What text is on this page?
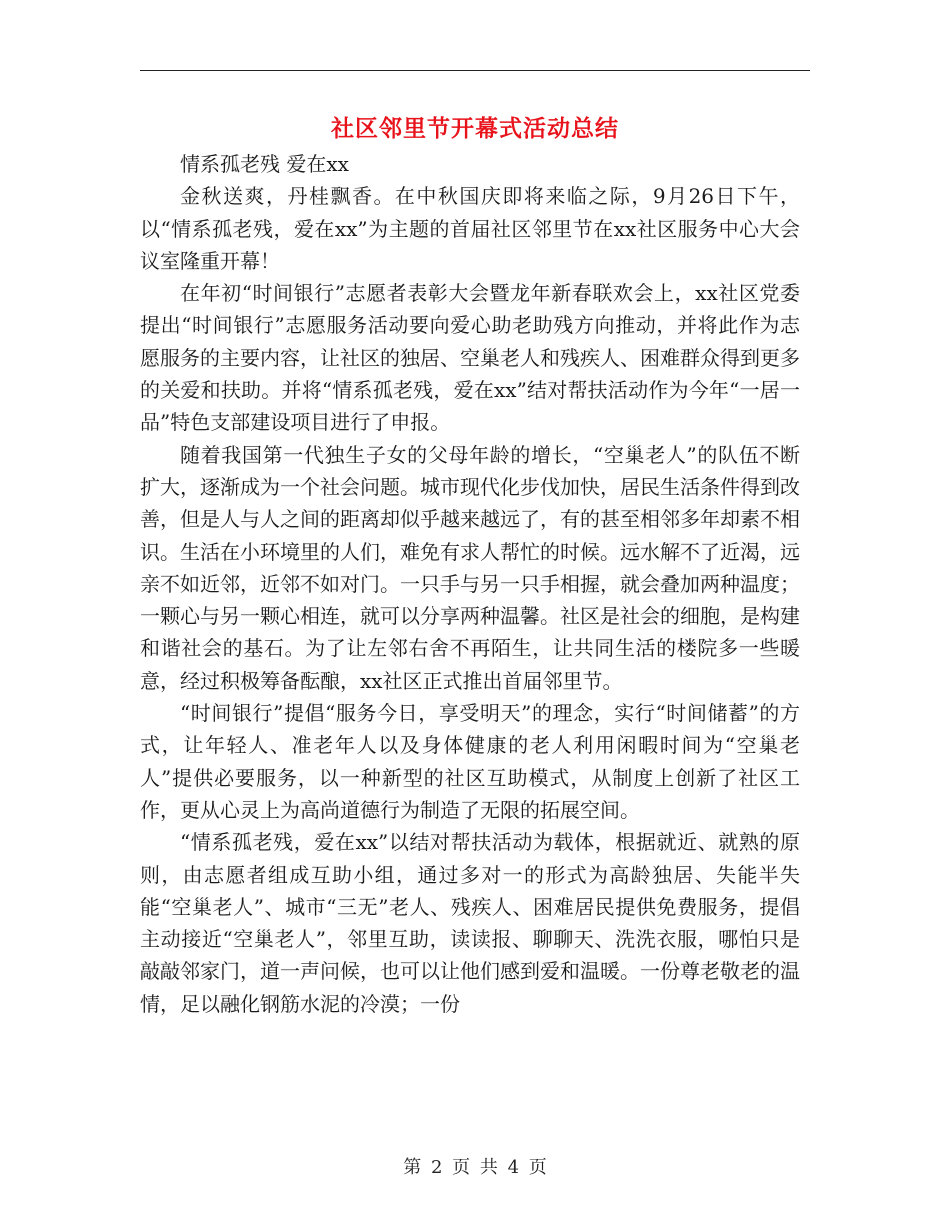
社区邻里节开幕式活动总结

情系孤老残 爱在xx

金秋送爽，丹桂飘香。在中秋国庆即将来临之际，9月26日下午，以“情系孤老残，爱在xx”为主题的首届社区邻里节在xx社区服务中心大会议室隆重开幕！

在年初“时间银行”志愿者表彰大会暨龙年新春联欢会上，xx社区党委提出“时间银行”志愿服务活动要向爱心助老助残方向推动，并将此作为志愿服务的主要内容，让社区的独居、空巢老人和残疾人、困难群众得到更多的关爱和扶助。并将“情系孤老残，爱在xx”结对帮扶活动作为今年“一居一品”特色支部建设项目进行了申报。

随着我国第一代独生子女的父母年龄的增长，“空巢老人”的队伍不断扩大，逐渐成为一个社会问题。城市现代化步伐加快，居民生活条件得到改善，但是人与人之间的距离却似乎越来越远了，有的甚至相邻多年却素不相识。生活在小环境里的人们，难免有求人帮忙的时候。远水解不了近渴，远亲不如近邻，近邻不如对门。一只手与另一只手相握，就会叠加两种温度；一颗心与另一颗心相连，就可以分享两种温馨。社区是社会的细胞，是构建和谐社会的基石。为了让左邻右舍不再陌生，让共同生活的楼院多一些暖意，经过积极筹备酝酿，xx社区正式推出首届邻里节。

“时间银行”提倡“服务今日，享受明天”的理念，实行“时间储蓄”的方式，让年轻人、准老年人以及身体健康的老人利用闲暇时间为“空巢老人”提供必要服务，以一种新型的社区互助模式，从制度上创新了社区工作，更从心灵上为高尚道德行为制造了无限的拓展空间。

“情系孤老残，爱在xx”以结对帮扶活动为载体，根据就近、就熟的原则，由志愿者组成互助小组，通过多对一的形式为高龄独居、失能半失能“空巢老人”、城市“三无”老人、残疾人、困难居民提供免费服务，提倡主动接近“空巢老人”，邻里互助，读读报、聊聊天、洗洗衣服，哪怕只是敲敲邻家门，道一声问候，也可以让他们感到爱和温暖。一份尊老敬老的温情，足以融化钢筋水泥的冷漠；一份

第 2 页 共 4 页
